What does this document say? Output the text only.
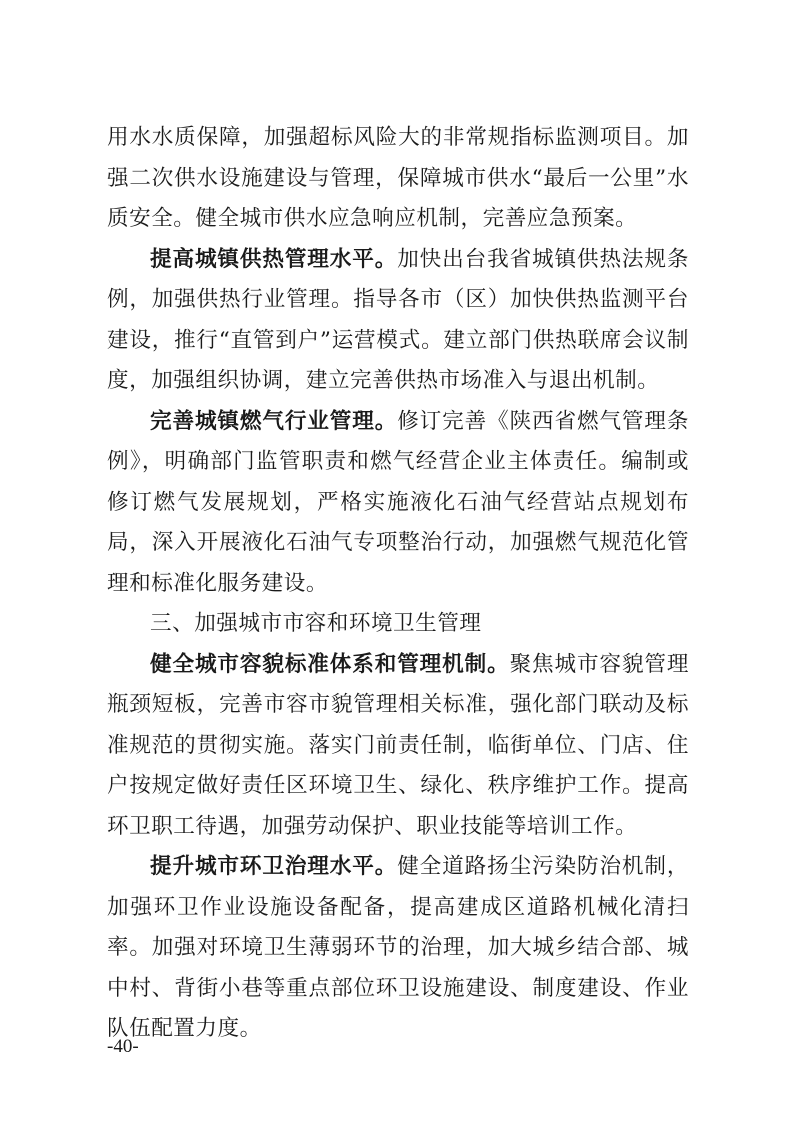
用水水质保障，加强超标风险大的非常规指标监测项目。加强二次供水设施建设与管理，保障城市供水“最后一公里”水质安全。健全城市供水应急响应机制，完善应急预案。

提高城镇供热管理水平。加快出台我省城镇供热法规条例，加强供热行业管理。指导各市（区）加快供热监测平台建设，推行“直管到户”运营模式。建立部门供热联席会议制度，加强组织协调，建立完善供热市场准入与退出机制。

完善城镇燃气行业管理。修订完善《陕西省燃气管理条例》，明确部门监管职责和燃气经营企业主体责任。编制或修订燃气发展规划，严格实施液化石油气经营站点规划布局，深入开展液化石油气专项整治行动，加强燃气规范化管理和标准化服务建设。

三、加强城市市容和环境卫生管理

健全城市容貌标准体系和管理机制。聚焦城市容貌管理瓶颈短板，完善市容市貌管理相关标准，强化部门联动及标准规范的贯彻实施。落实门前责任制，临街单位、门店、住户按规定做好责任区环境卫生、绿化、秩序维护工作。提高环卫职工待遇，加强劳动保护、职业技能等培训工作。

提升城市环卫治理水平。健全道路扬尘污染防治机制，加强环卫作业设施设备配备，提高建成区道路机械化清扫率。加强对环境卫生薄弱环节的治理，加大城乡结合部、城中村、背街小巷等重点部位环卫设施建设、制度建设、作业队伍配置力度。

-40-
